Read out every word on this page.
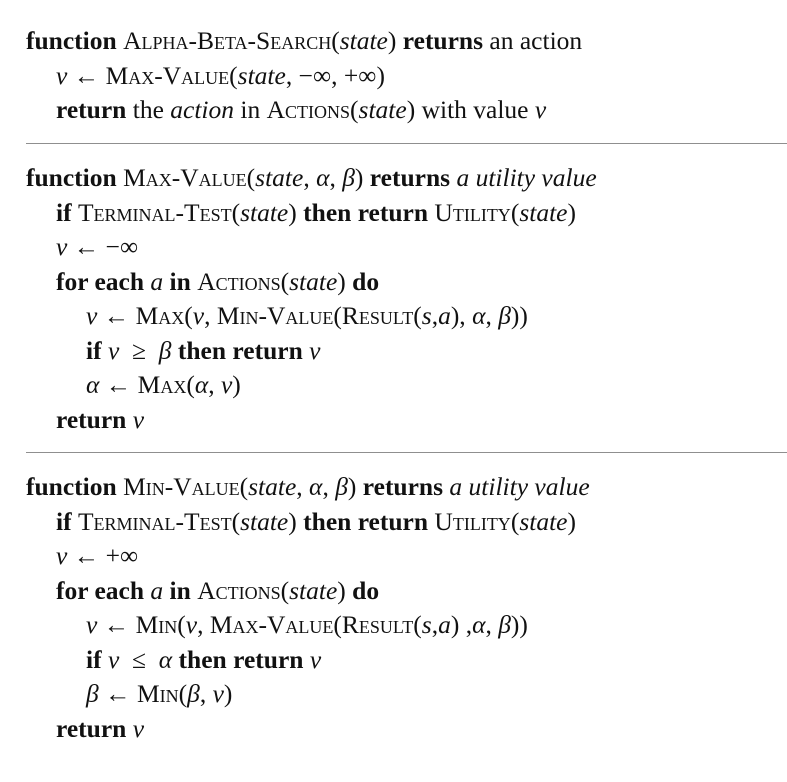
function Alpha-Beta-Search(state) returns an action
v ← Max-Value(state, −∞, +∞)
return the action in Actions(state) with value v
function Max-Value(state, α, β) returns a utility value
if Terminal-Test(state) then return Utility(state)
v ← −∞
for each a in Actions(state) do
v ← Max(v, Min-Value(Result(s,a), α, β))
if v  ≥  β then return v
α ← Max(α, v)
return v
function Min-Value(state, α, β) returns a utility value
if Terminal-Test(state) then return Utility(state)
v ← +∞
for each a in Actions(state) do
v ← Min(v, Max-Value(Result(s,a) ,α, β))
if v  ≤  α then return v
β ← Min(β, v)
return v
